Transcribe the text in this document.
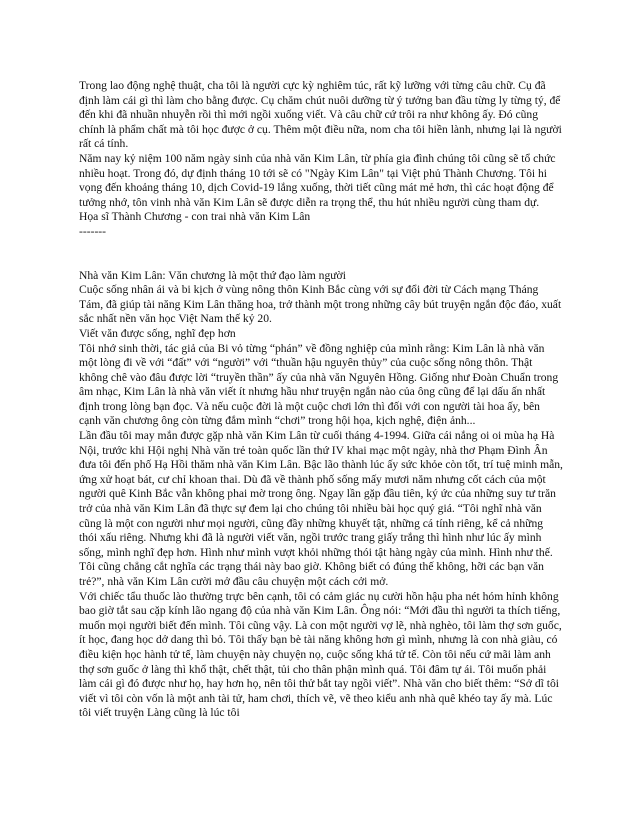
Trong lao động nghệ thuật, cha tôi là người cực kỳ nghiêm túc, rất kỹ lưỡng với từng câu chữ. Cụ đã định làm cái gì thì làm cho bằng được. Cụ chăm chút nuôi dưỡng từ ý tưởng ban đầu từng ly từng tý, để đến khi đã nhuần nhuyễn rồi thì mới ngồi xuống viết. Và câu chữ cứ trôi ra như không ấy. Đó cũng chính là phẩm chất mà tôi học được ở cụ. Thêm một điều nữa, nom cha tôi hiền lành, nhưng lại là người rất cá tính.

Năm nay kỷ niệm 100 năm ngày sinh của nhà văn Kim Lân, từ phía gia đình chúng tôi cũng sẽ tổ chức nhiều hoạt. Trong đó, dự định tháng 10 tới sẽ có "Ngày Kim Lân" tại Việt phủ Thành Chương. Tôi hi vọng đến khoảng tháng 10, dịch Covid-19 lắng xuống, thời tiết cũng mát mẻ hơn, thì các hoạt động để tưởng nhớ, tôn vinh nhà văn Kim Lân sẽ được diễn ra trọng thể, thu hút nhiều người cùng tham dự.

Họa sĩ Thành Chương - con trai nhà văn Kim Lân

-------

Nhà văn Kim Lân: Văn chương là một thứ đạo làm người

Cuộc sống nhân ái và bi kịch ở vùng nông thôn Kinh Bắc cùng với sự đổi đời từ Cách mạng Tháng Tám, đã giúp tài năng Kim Lân thăng hoa, trở thành một trong những cây bút truyện ngắn độc đáo, xuất sắc nhất nền văn học Việt Nam thế kỷ 20.

Viết văn được sống, nghĩ đẹp hơn

Tôi nhớ sinh thời, tác giả của Bi vỏ từng “phán” về đồng nghiệp của mình rằng: Kim Lân là nhà văn một lòng đi về với “đất” với “người” với “thuần hậu nguyên thủy” của cuộc sống nông thôn. Thật không chê vào đâu được lời “truyền thần” ấy của nhà văn Nguyên Hồng. Giống như Đoàn Chuẩn trong âm nhạc, Kim Lân là nhà văn viết ít nhưng hầu như truyện ngắn nào của ông cũng để lại dấu ấn nhất định trong lòng bạn đọc. Và nếu cuộc đời là một cuộc chơi lớn thì đối với con người tài hoa ấy, bên cạnh văn chương ông còn từng đắm mình “chơi” trong hội họa, kịch nghệ, điện ảnh...

Lần đầu tôi may mắn được gặp nhà văn Kim Lân từ cuối tháng 4-1994. Giữa cái nắng oi oi mùa hạ Hà Nội, trước khi Hội nghị Nhà văn trẻ toàn quốc lần thứ IV khai mạc một ngày, nhà thơ Phạm Đình Ân đưa tôi đến phố Hạ Hồi thăm nhà văn Kim Lân. Bậc lão thành lúc ấy sức khỏe còn tốt, trí tuệ minh mẫn, ứng xử hoạt bát, cư chỉ khoan thai. Dù đã về thành phố sống mấy mươi năm nhưng cốt cách của một người quê Kinh Bắc vẫn không phai mờ trong ông. Ngay lần gặp đầu tiên, ký ức của những suy tư trăn trở của nhà văn Kim Lân đã thực sự đem lại cho chúng tôi nhiều bài học quý giá. “Tôi nghĩ nhà văn cũng là một con người như mọi người, cũng đầy những khuyết tật, những cá tính riêng, kể cả những thói xấu riêng. Nhưng khi đã là người viết văn, ngồi trước trang giấy trắng thì hình như lúc ấy mình sống, mình nghĩ đẹp hơn. Hình như mình vượt khỏi những thói tật hàng ngày của mình. Hình như thế. Tôi cũng chẳng cắt nghĩa các trạng thái này bao giờ. Không biết có đúng thế không, hỡi các bạn văn trẻ?”, nhà văn Kim Lân cười mở đầu câu chuyện một cách cởi mở.

Với chiếc tẩu thuốc lào thường trực bên cạnh, tôi có cảm giác nụ cười hồn hậu pha nét hóm hỉnh không bao giờ tắt sau cặp kính lão ngang độ của nhà văn Kim Lân. Ông nói: “Mới đầu thì người ta thích tiếng, muốn mọi người biết đến mình. Tôi cũng vậy. Là con một người vợ lẽ, nhà nghèo, tôi làm thợ sơn guốc, ít học, đang học dở dang thì bỏ. Tôi thấy bạn bè tài năng không hơn gì mình, nhưng là con nhà giàu, có điều kiện học hành tử tế, làm chuyện này chuyện nọ, cuộc sống khá tử tế. Còn tôi nếu cứ mãi làm anh thợ sơn guốc ở làng thì khổ thật, chết thật, tủi cho thân phận mình quá. Tôi đâm tự ái. Tôi muốn phải làm cái gì đó được như họ, hay hơn họ, nên tôi thử bắt tay ngồi viết”. Nhà văn cho biết thêm: “Sở dĩ tôi viết vì tôi còn vốn là một anh tài tử, ham chơi, thích vẽ, vẽ theo kiểu anh nhà quê khéo tay ấy mà. Lúc tôi viết truyện Làng cũng là lúc tôi
